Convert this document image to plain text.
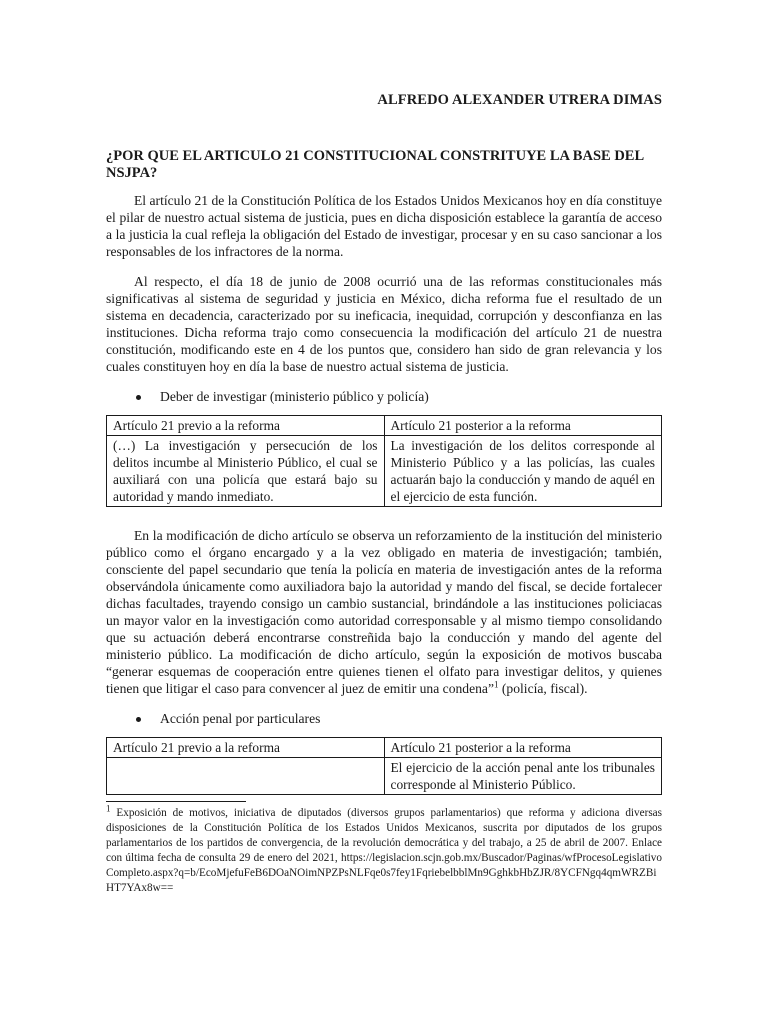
ALFREDO ALEXANDER UTRERA DIMAS
¿POR QUE EL ARTICULO 21 CONSTITUCIONAL CONSTRITUYE LA BASE DEL NSJPA?

El artículo 21 de la Constitución Política de los Estados Unidos Mexicanos hoy en día constituye el pilar de nuestro actual sistema de justicia, pues en dicha disposición establece la garantía de acceso a la justicia la cual refleja la obligación del Estado de investigar, procesar y en su caso sancionar a los responsables de los infractores de la norma.

Al respecto, el día 18 de junio de 2008 ocurrió una de las reformas constitucionales más significativas al sistema de seguridad y justicia en México, dicha reforma fue el resultado de un sistema en decadencia, caracterizado por su ineficacia, inequidad, corrupción y desconfianza en las instituciones. Dicha reforma trajo como consecuencia la modificación del artículo 21 de nuestra constitución, modificando este en 4 de los puntos que, considero han sido de gran relevancia y los cuales constituyen hoy en día la base de nuestro actual sistema de justicia.

Deber de investigar (ministerio público y policía)
Artículo 21 previo a la reforma	Artículo 21 posterior a la reforma
(…) La investigación y persecución de los delitos incumbe al Ministerio Público, el cual se auxiliará con una policía que estará bajo su autoridad y mando inmediato.	La investigación de los delitos corresponde al Ministerio Público y a las policías, las cuales actuarán bajo la conducción y mando de aquél en el ejercicio de esta función.

En la modificación de dicho artículo se observa un reforzamiento de la institución del ministerio público como el órgano encargado y a la vez obligado en materia de investigación; también, consciente del papel secundario que tenía la policía en materia de investigación antes de la reforma observándola únicamente como auxiliadora bajo la autoridad y mando del fiscal, se decide fortalecer dichas facultades, trayendo consigo un cambio sustancial, brindándole a las instituciones policiacas un mayor valor en la investigación como autoridad corresponsable y al mismo tiempo consolidando que su actuación deberá encontrarse constreñida bajo la conducción y mando del agente del ministerio público. La modificación de dicho artículo, según la exposición de motivos buscaba “generar esquemas de cooperación entre quienes tienen el olfato para investigar delitos, y quienes tienen que litigar el caso para convencer al juez de emitir una condena”$^1$ (policía, fiscal).

Acción penal por particulares
Artículo 21 previo a la reforma	Artículo 21 posterior a la reforma
	El ejercicio de la acción penal ante los tribunales corresponde al Ministerio Público.
$^1$ Exposición de motivos, iniciativa de diputados (diversos grupos parlamentarios) que reforma y adiciona diversas disposiciones de la Constitución Política de los Estados Unidos Mexicanos, suscrita por diputados de los grupos parlamentarios de los partidos de convergencia, de la revolución democrática y del trabajo, a 25 de abril de 2007. Enlace con última fecha de consulta 29 de enero del 2021, https://legislacion.scjn.gob.mx/Buscador/Paginas/wfProcesoLegislativoCompleto.aspx?q=b/EcoMjefuFeB6DOaNOimNPZPsNLFqe0s7fey1FqriebelbblMn9GghkbHbZJR/8YCFNgq4qmWRZBiHT7YAx8w==
